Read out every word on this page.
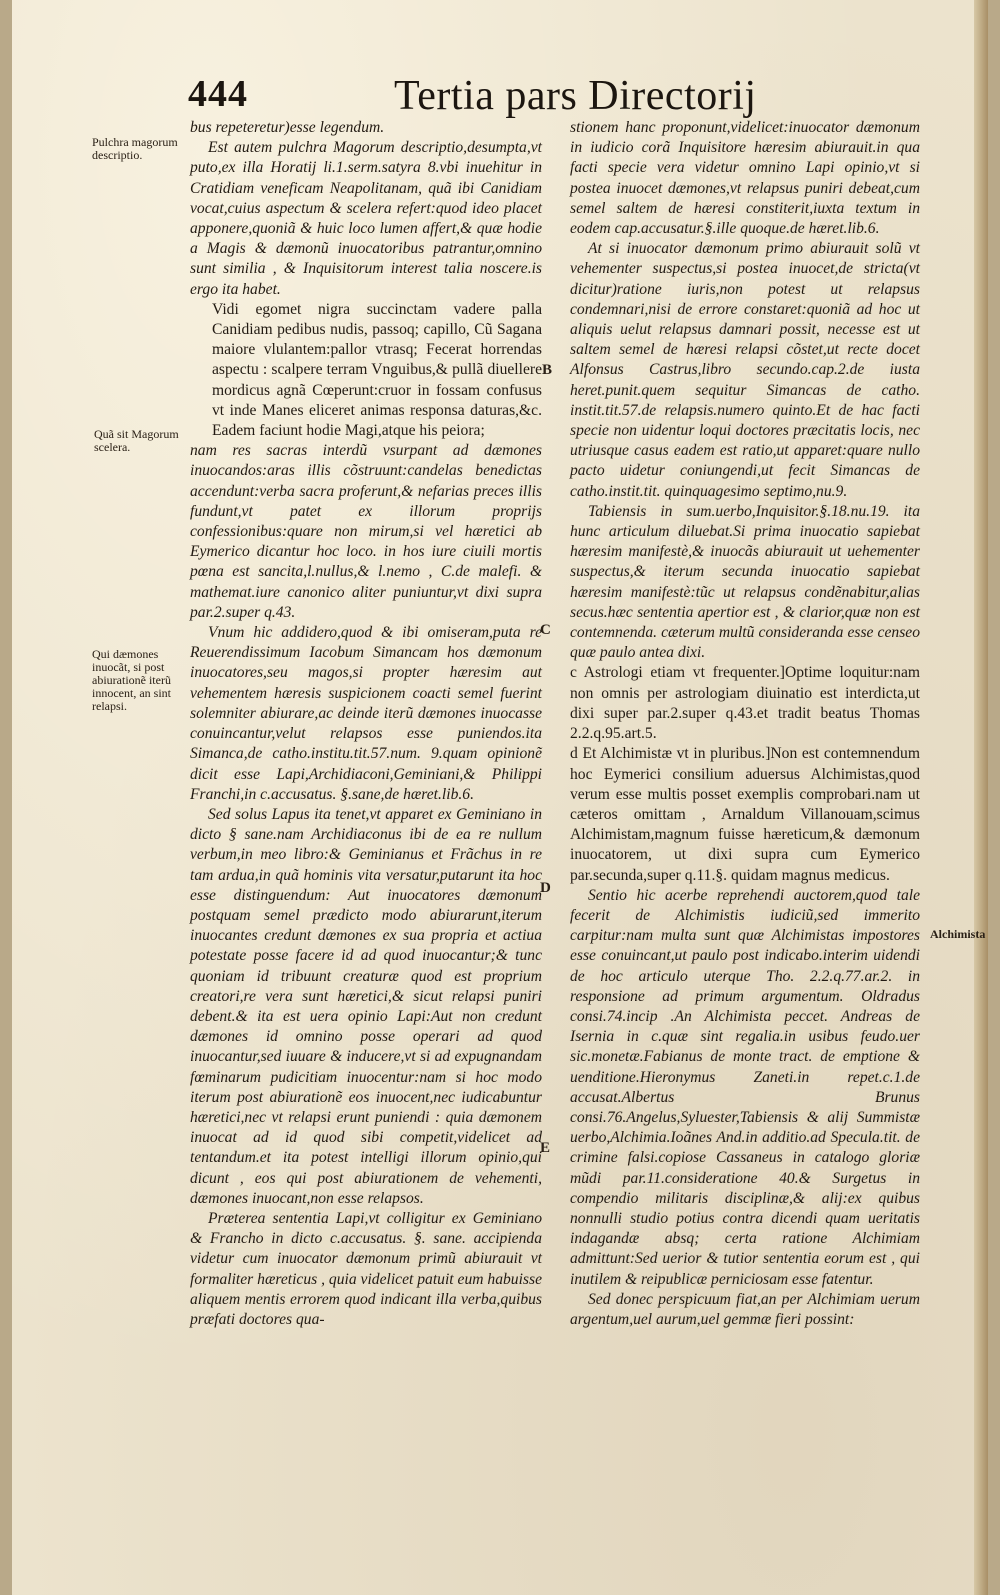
444	Tertia pars Directorij

bus repeteretur)esse legendum.

Est autem pulchra Magorum descriptio,desumpta,vt puto,ex illa Horatij li.1.serm.satyra 8.vbi inuehitur in Cratidiam veneficam Neapolitanam, quã ibi Canidiam vocat,cuius aspectum & scelera refert:quod ideo placet apponere,quoniã & huic loco lumen affert,& quæ hodie a Magis & dæmonũ inuocatoribus patrantur,omnino sunt similia , & Inquisitorum interest talia noscere.is ergo ita habet.

Vidi egomet nigra succinctam vadere palla Canidiam pedibus nudis, passoq; capillo, Cũ Sagana maiore vlulantem:pallor vtrasq; Fecerat horrendas aspectu : scalpere terram Vnguibus,& pullã diuellere mordicus agnã Cœperunt:cruor in fossam confusus vt inde Manes eliceret animas responsa daturas,&c. Eadem faciunt hodie Magi,atque his peiora;

nam res sacras interdũ vsurpant ad dæmones inuocandos:aras illis cõstruunt:candelas benedictas accendunt:verba sacra proferunt,& nefarias preces illis fundunt,vt patet ex illorum proprijs confessionibus:quare non mirum,si vel hæretici ab Eymerico dicantur hoc loco. in hos iure ciuili mortis pœna est sancita,l.nullus,& l.nemo , C.de malefi. & mathemat.iure canonico aliter puniuntur,vt dixi supra par.2.super q.43.

Vnum hic addidero,quod & ibi omiseram,puta re Reuerendissimum Iacobum Simancam hos dæmonum inuocatores,seu magos,si propter hæresim aut vehementem hæresis suspicionem coacti semel fuerint solemniter abiurare,ac deinde iterũ dæmones inuocasse conuincantur,velut relapsos esse puniendos.ita Simanca,de catho.institu.tit.57.num. 9.quam opinionẽ dicit esse Lapi,Archidiaconi,Geminiani,& Philippi Franchi,in c.accusatus. §.sane,de hæret.lib.6.

Sed solus Lapus ita tenet,vt apparet ex Geminiano in dicto § sane.nam Archidiaconus ibi de ea re nullum verbum,in meo libro:& Geminianus et Frãchus in re tam ardua,in quã hominis vita versatur,putarunt ita hoc esse distinguendum: Aut inuocatores dæmonum postquam semel prædicto modo abiurarunt,iterum inuocantes credunt dæmones ex sua propria et actiua potestate posse facere id ad quod inuocantur;& tunc quoniam id tribuunt creaturæ quod est proprium creatori,re vera sunt hæretici,& sicut relapsi puniri debent.& ita est uera opinio Lapi:Aut non credunt dæmones id omnino posse operari ad quod inuocantur,sed iuuare & inducere,vt si ad expugnandam fœminarum pudicitiam inuocentur:nam si hoc modo iterum post abiurationẽ eos inuocent,nec iudicabuntur hæretici,nec vt relapsi erunt puniendi : quia dæmonem inuocat ad id quod sibi competit,videlicet ad tentandum.et ita potest intelligi illorum opinio,qui dicunt , eos qui post abiurationem de vehementi, dæmones inuocant,non esse relapsos.

Præterea sententia Lapi,vt colligitur ex Geminiano & Francho in dicto c.accusatus. §. sane. accipienda videtur cum inuocator dæmonum primũ abiurauit vt formaliter hæreticus , quia videlicet patuit eum habuisse aliquem mentis errorem quod indicant illa verba,quibus præfati doctores qua-

stionem hanc proponunt,videlicet:inuocator dæmonum in iudicio corã Inquisitore hæresim abiurauit.in qua facti specie vera videtur omnino Lapi opinio,vt si postea inuocet dæmones,vt relapsus puniri debeat,cum semel saltem de hæresi constiterit,iuxta textum in eodem cap.accusatur.§.ille quoque.de hæret.lib.6.

At si inuocator dæmonum primo abiurauit solũ vt vehementer suspectus,si postea inuocet,de stricta(vt dicitur)ratione iuris,non potest ut relapsus condemnari,nisi de errore constaret:quoniã ad hoc ut aliquis uelut relapsus damnari possit, necesse est ut saltem semel de hæresi relapsi cõstet,ut recte docet Alfonsus Castrus,libro secundo.cap.2.de iusta heret.punit.quem sequitur Simancas de catho. instit.tit.57.de relapsis.numero quinto.Et de hac facti specie non uidentur loqui doctores præcitatis locis, nec utriusque casus eadem est ratio,ut apparet:quare nullo pacto uidetur coniungendi,ut fecit Simancas de catho.instit.tit. quinquagesimo septimo,nu.9.

Tabiensis in sum.uerbo,Inquisitor.§.18.nu.19. ita hunc articulum diluebat.Si prima inuocatio sapiebat hæresim manifestè,& inuocãs abiurauit ut uehementer suspectus,& iterum secunda inuocatio sapiebat hæresim manifestè:tũc ut relapsus condẽnabitur,alias secus.hæc sententia apertior est , & clarior,quæ non est contemnenda. cæterum multũ consideranda esse censeo quæ paulo antea dixi.

c Astrologi etiam vt frequenter.]Optime loquitur:nam non omnis per astrologiam diuinatio est interdicta,ut dixi super par.2.super q.43.et tradit beatus Thomas 2.2.q.95.art.5.

d Et Alchimistæ vt in pluribus.]Non est contemnendum hoc Eymerici consilium aduersus Alchimistas,quod verum esse multis posset exemplis comprobari.nam ut cæteros omittam , Arnaldum Villanouam,scimus Alchimistam,magnum fuisse hæreticum,& dæmonum inuocatorem, ut dixi supra cum Eymerico par.secunda,super q.11.§. quidam magnus medicus.

Sentio hic acerbe reprehendi auctorem,quod tale fecerit de Alchimistis iudiciũ,sed immerito carpitur:nam multa sunt quæ Alchimistas impostores esse conuincant,ut paulo post indicabo.interim uidendi de hoc articulo uterque Tho. 2.2.q.77.ar.2. in responsione ad primum argumentum. Oldradus consi.74.incip .An Alchimista peccet. Andreas de Isernia in c.quæ sint regalia.in usibus feudo.uer sic.monetæ.Fabianus de monte tract. de emptione & uenditione.Hieronymus Zaneti.in repet.c.1.de accusat.Albertus Brunus consi.76.Angelus,Syluester,Tabiensis & alij Summistæ uerbo,Alchimia.Ioãnes And.in additio.ad Specula.tit. de crimine falsi.copiose Cassaneus in catalogo gloriæ mũdi par.11.consideratione 40.& Surgetus in compendio militaris disciplinæ,& alij:ex quibus nonnulli studio potius contra dicendi quam ueritatis indagandæ absq; certa ratione Alchimiam admittunt:Sed uerior & tutior sententia eorum est , qui inutilem & reipublicæ perniciosam esse fatentur.

Sed donec perspicuum fiat,an per Alchimiam uerum argentum,uel aurum,uel gemmæ fieri possint:

Pulchra magorum descriptio.
Quã sit Magorum scelera.
Qui dæmones inuocãt, si post abiurationẽ iterũ innocent, an sint relapsi.
Alchimista
B
C
D
E
